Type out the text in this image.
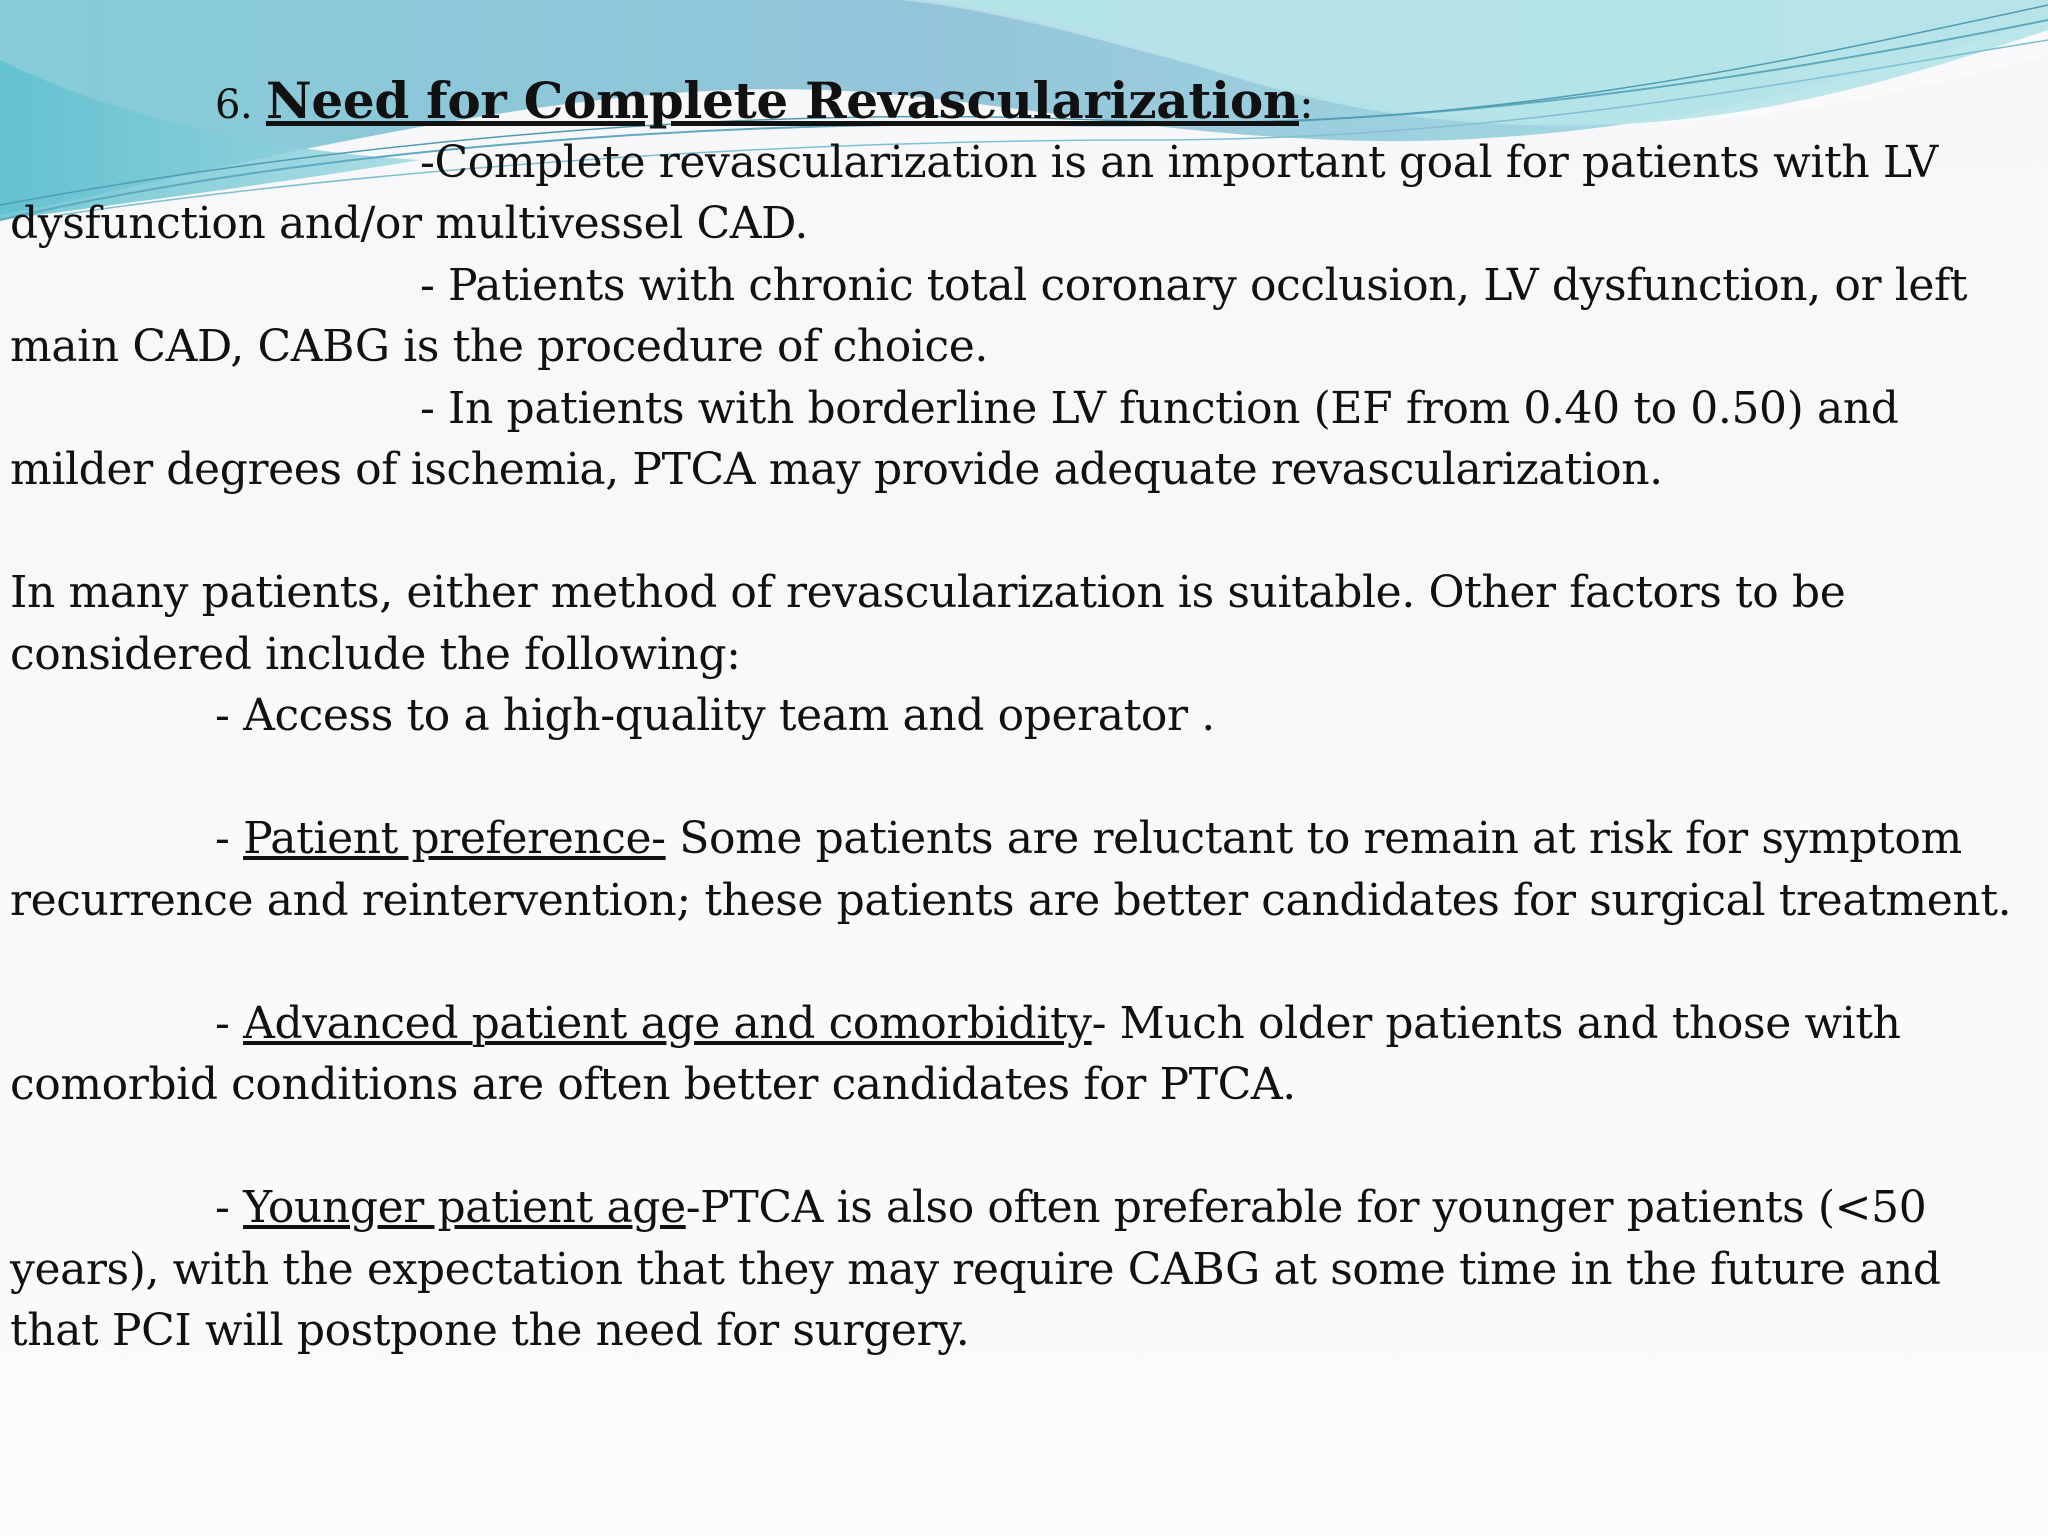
6. Need for Complete Revascularization:
-Complete revascularization is an important goal for patients with LV
dysfunction and/or multivessel CAD.
- Patients with chronic total coronary occlusion, LV dysfunction, or left
main CAD, CABG is the procedure of choice.
- In patients with borderline LV function (EF from 0.40 to 0.50) and
milder degrees of ischemia, PTCA may provide adequate revascularization.
In many patients, either method of revascularization is suitable. Other factors to be
considered include the following:
- Access to a high-quality team and operator .
- Patient preference- Some patients are reluctant to remain at risk for symptom
recurrence and reintervention; these patients are better candidates for surgical treatment.
- Advanced patient age and comorbidity- Much older patients and those with
comorbid conditions are often better candidates for PTCA.
- Younger patient age-PTCA is also often preferable for younger patients (<50
years), with the expectation that they may require CABG at some time in the future and
that PCI will postpone the need for surgery.
